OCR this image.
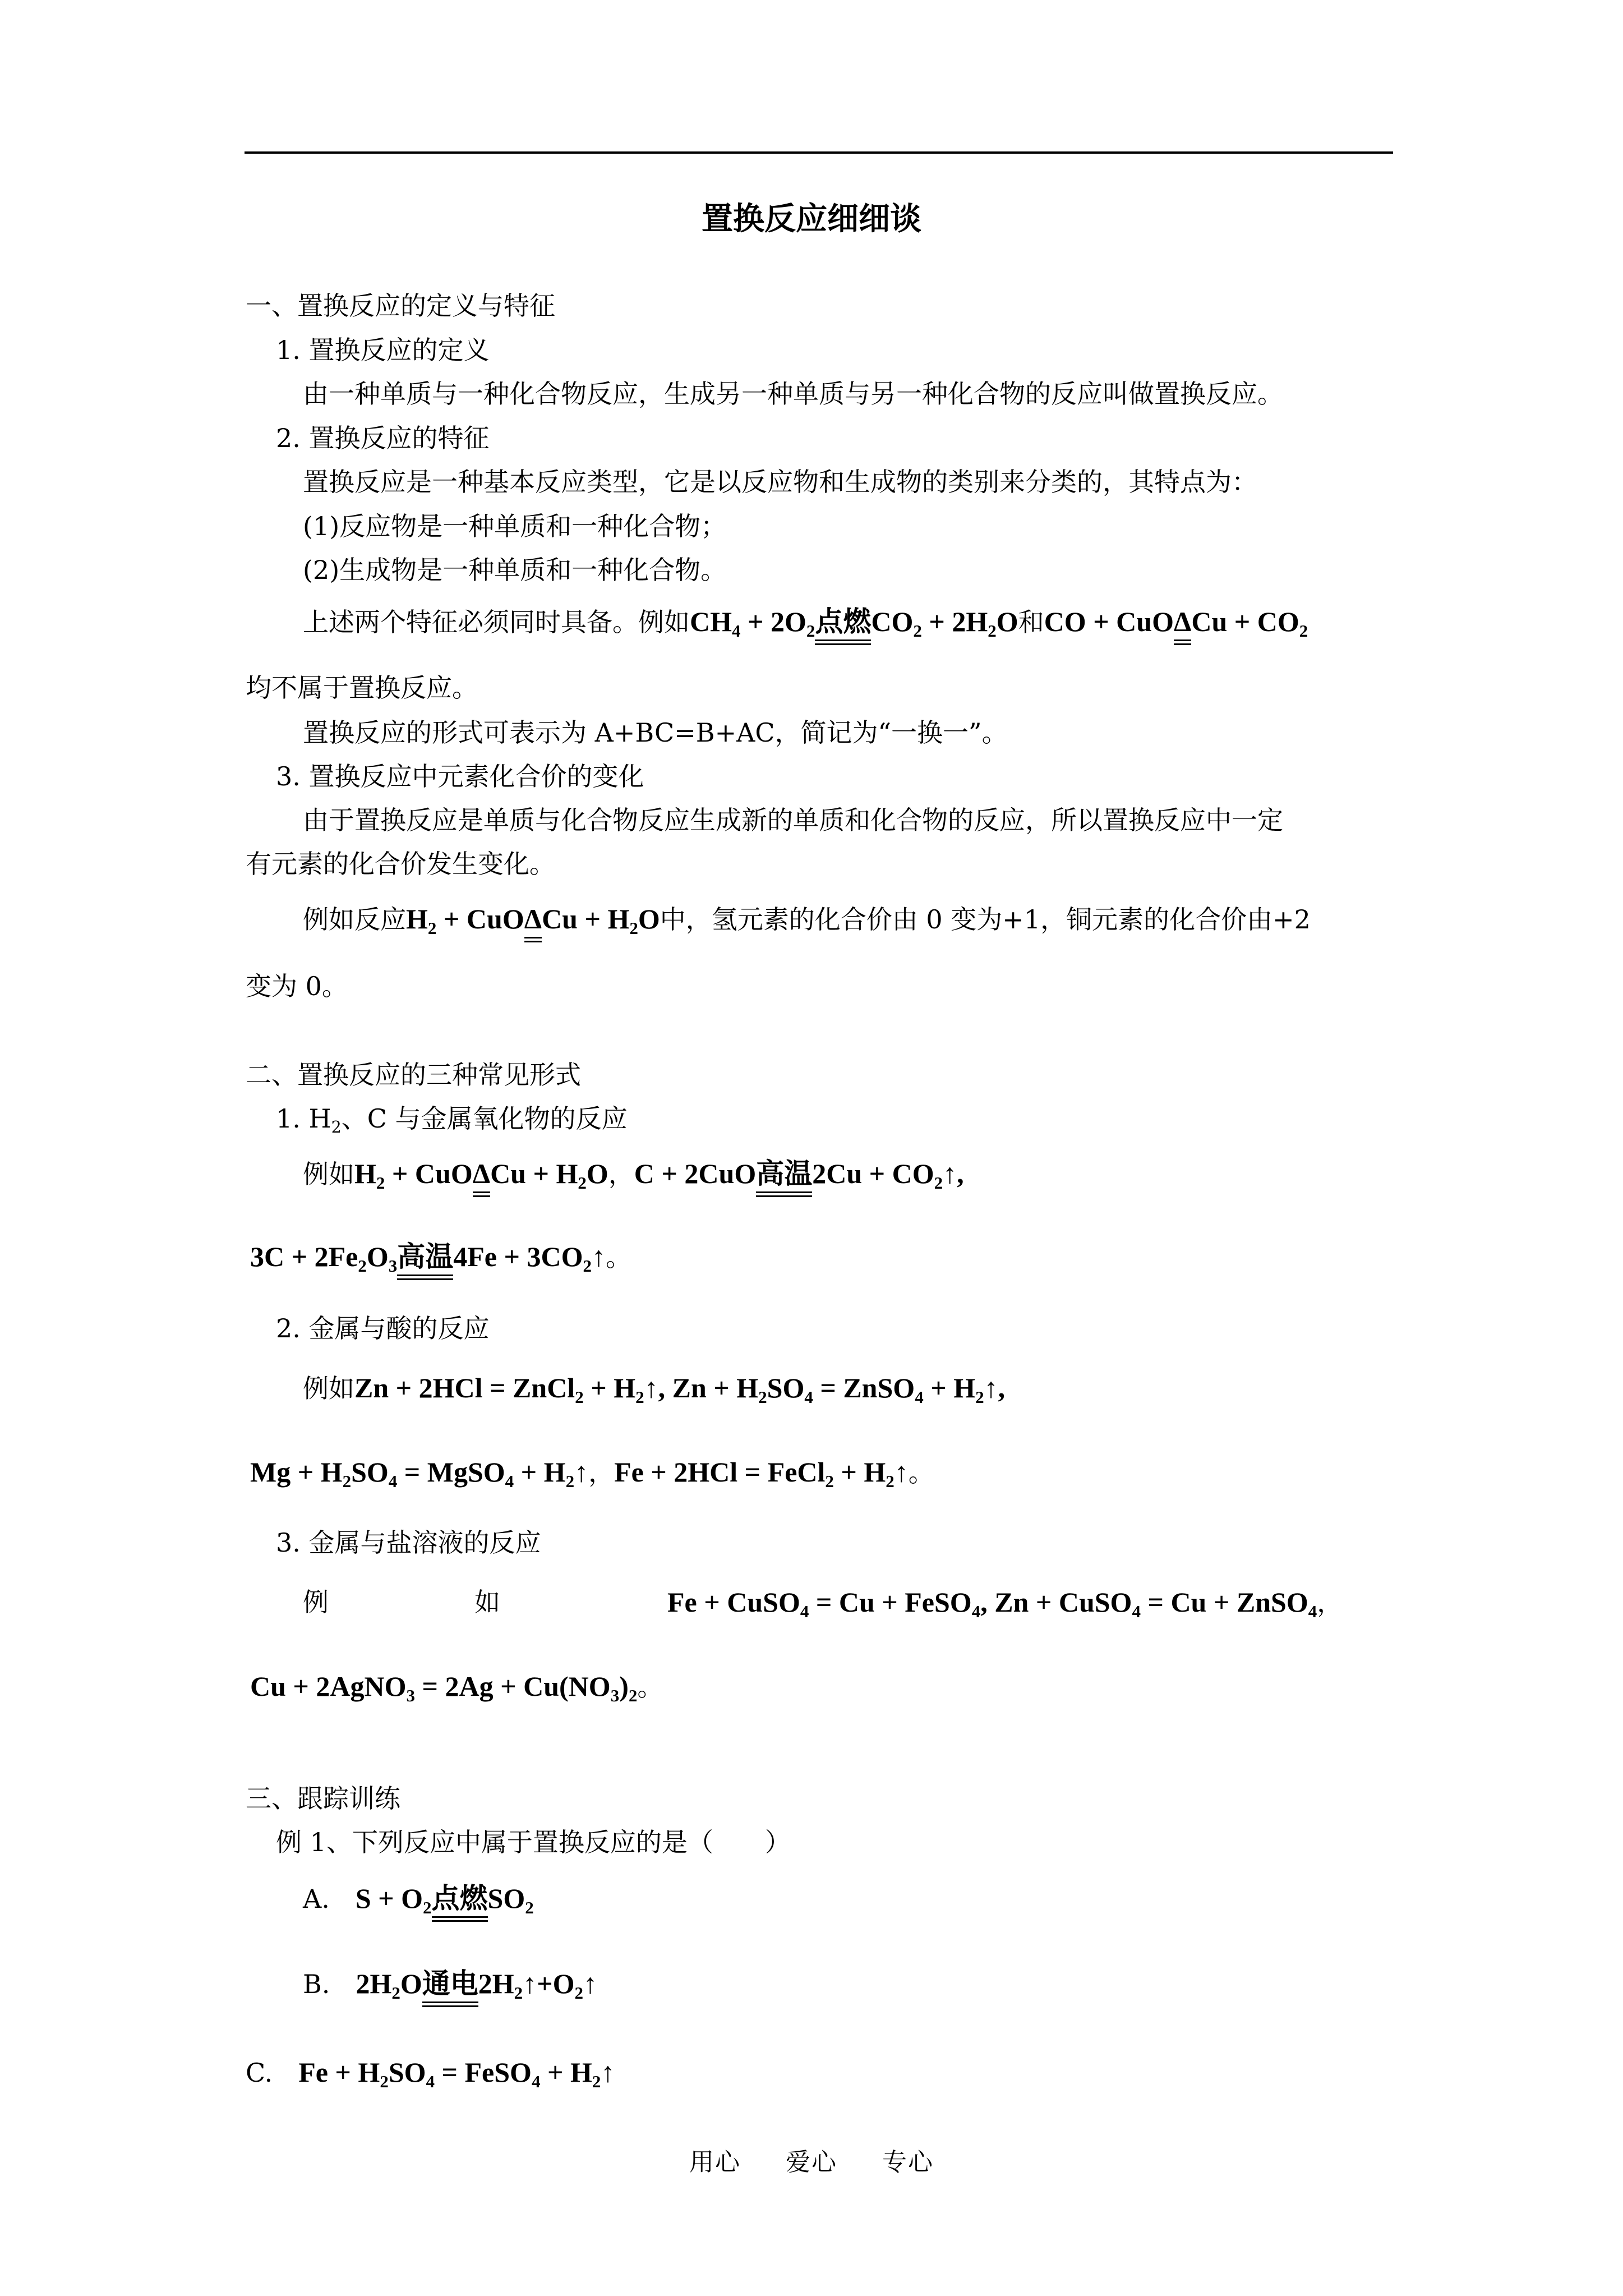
置换反应细细谈
一、置换反应的定义与特征
1. 置换反应的定义
由一种单质与一种化合物反应，生成另一种单质与另一种化合物的反应叫做置换反应。
2. 置换反应的特征
置换反应是一种基本反应类型，它是以反应物和生成物的类别来分类的，其特点为：
(1)反应物是一种单质和一种化合物；
(2)生成物是一种单质和一种化合物。
上述两个特征必须同时具备。例如$CH_4 + 2O_2$点燃$CO_2 + 2H_2O$和CO + $CuO\Delta Cu + CO_2$
均不属于置换反应。
置换反应的形式可表示为 A+BC=B+AC，简记为“一换一”。
3. 置换反应中元素化合价的变化
由于置换反应是单质与化合物反应生成新的单质和化合物的反应，所以置换反应中一定
有元素的化合价发生变化。
例如反应$H_2 + CuO\Delta Cu + H_2O$中，氢元素的化合价由 0 变为+1，铜元素的化合价由+2
变为 0。
二、置换反应的三种常见形式
1. $H_2$、C 与金属氧化物的反应
例如$H_2 + CuO\Delta Cu + H_2O$，C + 2CuO高温$2Cu + CO_2↑$,
$3C + 2Fe_2O_3$高温$4Fe + 3CO_2↑$。
2. 金属与酸的反应
例如Zn + 2HCl = ZnCl$_2$ + $H_2↑$, $Zn + H_2SO_4$ = ZnSO$_4$ + $H_2↑$,
$Mg + H_2SO_4$ = MgSO$_4$ + $H_2↑$，Fe + 2HCl = FeCl$_2$ + $H_2↑$。
3. 金属与盐溶液的反应
例	如	Fe + CuSO$_4$ = Cu + FeSO$_4$, Zn + CuSO$_4$ = Cu + ZnSO$_4$，
Cu + 2AgNO$_3$ = $2Ag + Cu(NO_3)_2$。
三、跟踪训练
例 1、下列反应中属于置换反应的是（　　）
A.　 $S + O_2$点燃$SO_2$
B.　 $2H_2O$通电$2H_2↑+O_2↑$
C.　 $Fe + H_2SO_4$ = FeSO$_4$ + $H_2↑$
用心 爱心 专心
